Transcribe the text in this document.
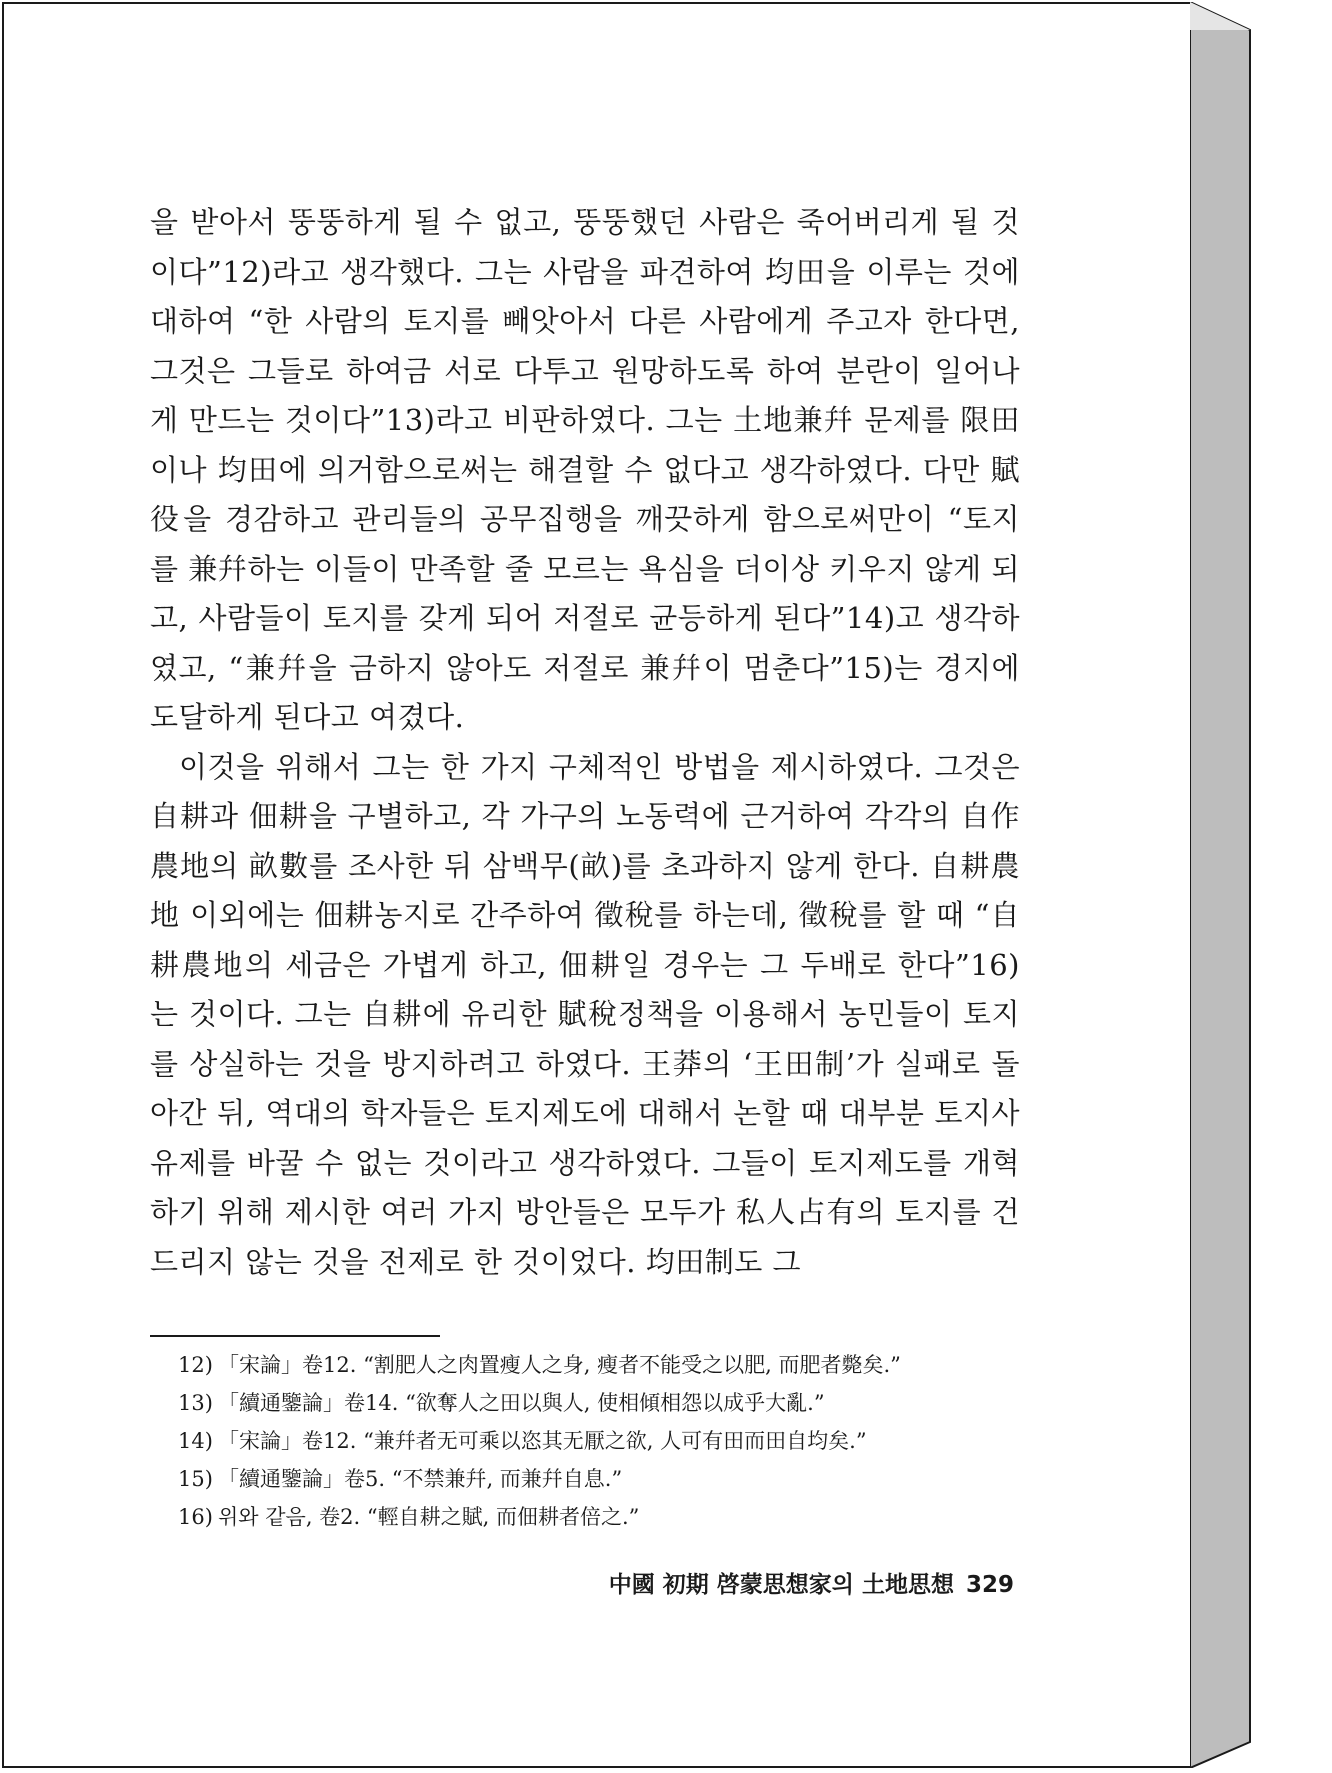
을 받아서 뚱뚱하게 될 수 없고, 뚱뚱했던 사람은 죽어버리게 될 것이다”12)라고 생각했다. 그는 사람을 파견하여 均田을 이루는 것에 대하여 “한 사람의 토지를 빼앗아서 다른 사람에게 주고자 한다면, 그것은 그들로 하여금 서로 다투고 원망하도록 하여 분란이 일어나게 만드는 것이다”13)라고 비판하였다. 그는 土地兼幷 문제를 限田이나 均田에 의거함으로써는 해결할 수 없다고 생각하였다. 다만 賦役을 경감하고 관리들의 공무집행을 깨끗하게 함으로써만이 “토지를 兼幷하는 이들이 만족할 줄 모르는 욕심을 더이상 키우지 않게 되고, 사람들이 토지를 갖게 되어 저절로 균등하게 된다”14)고 생각하였고, “兼幷을 금하지 않아도 저절로 兼幷이 멈춘다”15)는 경지에 도달하게 된다고 여겼다.

이것을 위해서 그는 한 가지 구체적인 방법을 제시하였다. 그것은 自耕과 佃耕을 구별하고, 각 가구의 노동력에 근거하여 각각의 自作農地의 畝數를 조사한 뒤 삼백무(畝)를 초과하지 않게 한다. 自耕農地 이외에는 佃耕농지로 간주하여 徵稅를 하는데, 徵稅를 할 때 “自耕農地의 세금은 가볍게 하고, 佃耕일 경우는 그 두배로 한다”16)는 것이다. 그는 自耕에 유리한 賦稅정책을 이용해서 농민들이 토지를 상실하는 것을 방지하려고 하였다. 王莽의 ‘王田制’가 실패로 돌아간 뒤, 역대의 학자들은 토지제도에 대해서 논할 때 대부분 토지사유제를 바꿀 수 없는 것이라고 생각하였다. 그들이 토지제도를 개혁하기 위해 제시한 여러 가지 방안들은 모두가 私人占有의 토지를 건드리지 않는 것을 전제로 한 것이었다. 均田制도 그

12) 「宋論」卷12. “割肥人之肉置瘦人之身, 瘦者不能受之以肥, 而肥者斃矣.”
13) 「續通鑒論」卷14. “欲奪人之田以與人, 使相傾相怨以成乎大亂.”
14) 「宋論」卷12. “兼幷者无可乘以恣其无厭之欲, 人可有田而田自均矣.”
15) 「續通鑒論」卷5. “不禁兼幷, 而兼幷自息.”
16) 위와 같음, 卷2. “輕自耕之賦, 而佃耕者倍之.”
中國 初期 啓蒙思想家의 土地思想 329
